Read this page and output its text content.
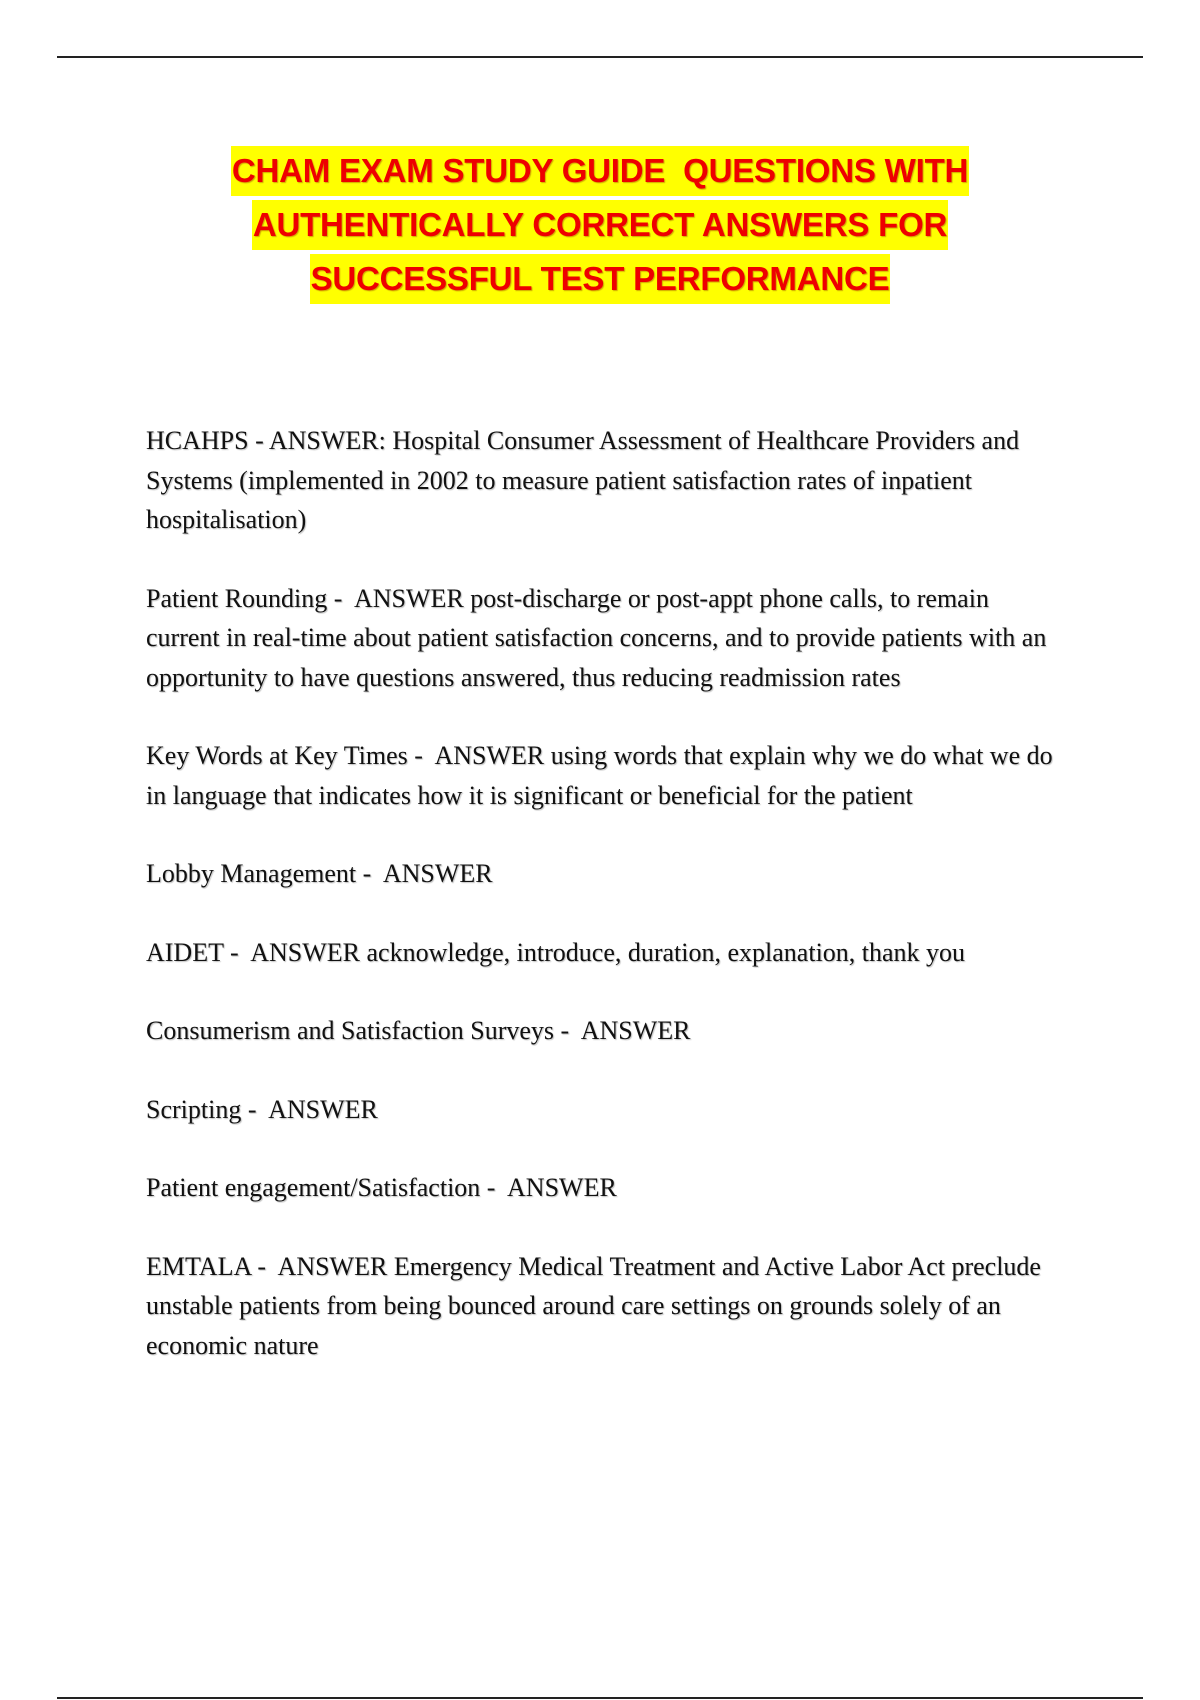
CHAM EXAM STUDY GUIDE  QUESTIONS WITH
AUTHENTICALLY CORRECT ANSWERS FOR
SUCCESSFUL TEST PERFORMANCE
HCAHPS - ANSWER: Hospital Consumer Assessment of Healthcare Providers and Systems (implemented in 2002 to measure patient satisfaction rates of inpatient hospitalisation)
Patient Rounding -  ANSWER post-discharge or post-appt phone calls, to remain current in real-time about patient satisfaction concerns, and to provide patients with an opportunity to have questions answered, thus reducing readmission rates
Key Words at Key Times -  ANSWER using words that explain why we do what we do in language that indicates how it is significant or beneficial for the patient
Lobby Management -  ANSWER
AIDET -  ANSWER acknowledge, introduce, duration, explanation, thank you
Consumerism and Satisfaction Surveys -  ANSWER
Scripting -  ANSWER
Patient engagement/Satisfaction -  ANSWER
EMTALA -  ANSWER Emergency Medical Treatment and Active Labor Act preclude unstable patients from being bounced around care settings on grounds solely of an economic nature
